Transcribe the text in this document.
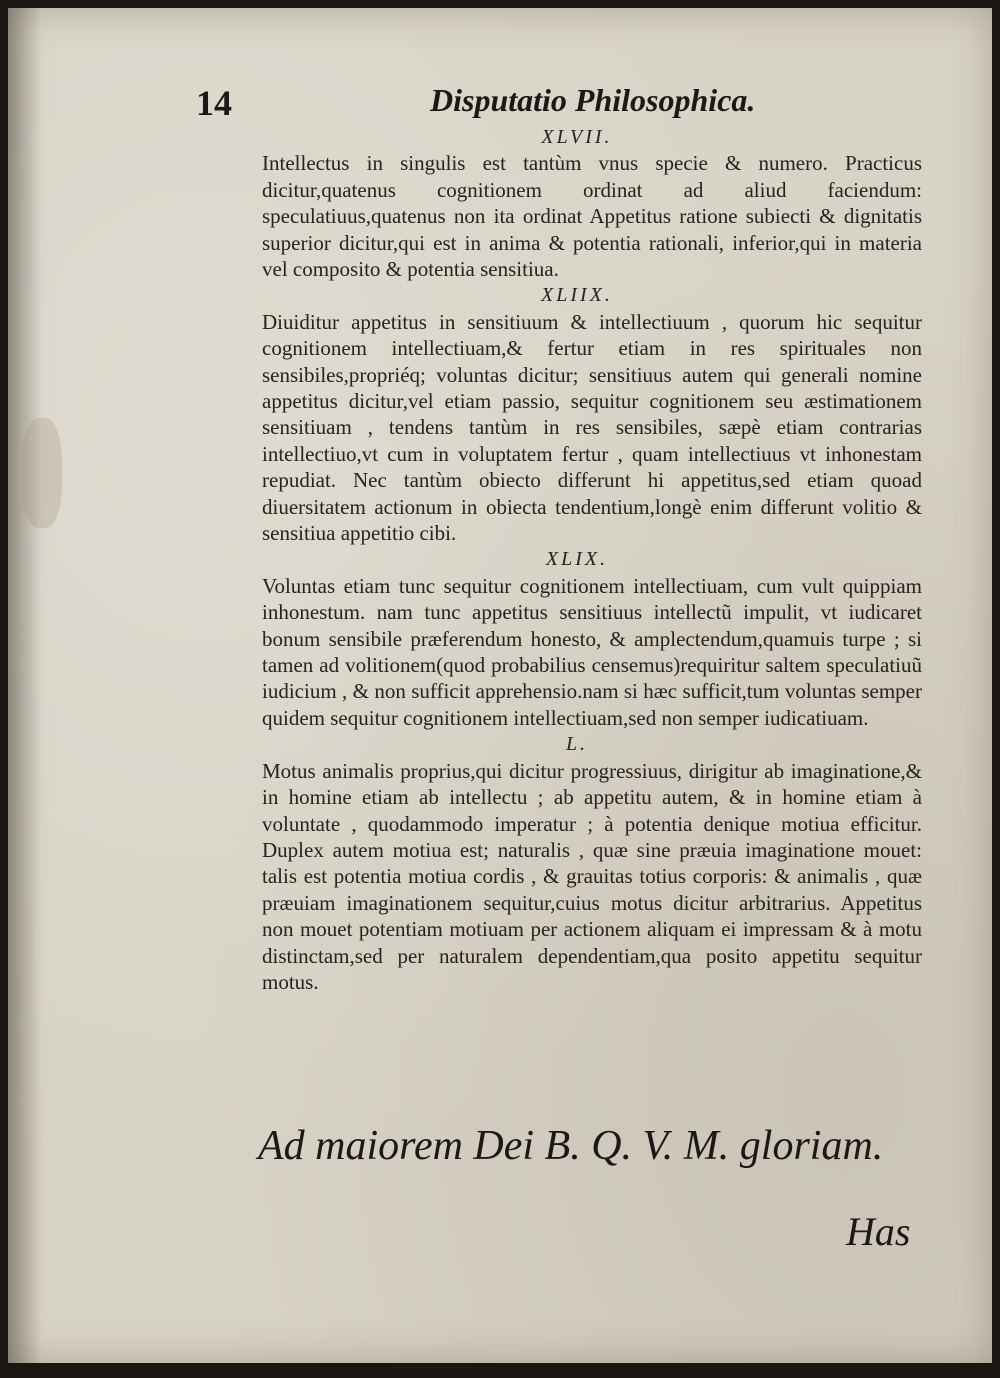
14	Disputatio Philosophica.
XLVII.

Intellectus in singulis est tantùm vnus specie & numero. Practicus dicitur,quatenus cognitionem ordinat ad aliud faciendum: speculatiuus,quatenus non ita ordinat Appetitus ratione subiecti & dignitatis superior dicitur,qui est in anima & potentia rationali, inferior,qui in materia vel composito & potentia sensitiua.

XLIIX.

Diuiditur appetitus in sensitiuum & intellectiuum , quorum hic sequitur cognitionem intellectiuam,& fertur etiam in res spirituales non sensibiles,propriéq; voluntas dicitur; sensitiuus autem qui generali nomine appetitus dicitur,vel etiam passio, sequitur cognitionem seu æstimationem sensitiuam , tendens tantùm in res sensibiles, sæpè etiam contrarias intellectiuo,vt cum in voluptatem fertur , quam intellectiuus vt inhonestam repudiat. Nec tantùm obiecto differunt hi appetitus,sed etiam quoad diuersitatem actionum in obiecta tendentium,longè enim differunt volitio & sensitiua appetitio cibi.

XLIX.

Voluntas etiam tunc sequitur cognitionem intellectiuam, cum vult quippiam inhonestum. nam tunc appetitus sensitiuus intellectũ impulit, vt iudicaret bonum sensibile præferendum honesto, & amplectendum,quamuis turpe ; si tamen ad volitionem(quod probabilius censemus)requiritur saltem speculatiuũ iudicium , & non sufficit apprehensio.nam si hæc sufficit,tum voluntas semper quidem sequitur cognitionem intellectiuam,sed non semper iudicatiuam.

L.

Motus animalis proprius,qui dicitur progressiuus, dirigitur ab imaginatione,& in homine etiam ab intellectu ; ab appetitu autem, & in homine etiam à voluntate , quodammodo imperatur ; à potentia denique motiua efficitur. Duplex autem motiua est; naturalis , quæ sine præuia imaginatione mouet: talis est potentia motiua cordis , & grauitas totius corporis: & animalis , quæ præuiam imaginationem sequitur,cuius motus dicitur arbitrarius. Appetitus non mouet potentiam motiuam per actionem aliquam ei impressam & à motu distinctam,sed per naturalem dependentiam,qua posito appetitu sequitur motus.

Ad maiorem Dei B. Q. V. M. gloriam.
Has
